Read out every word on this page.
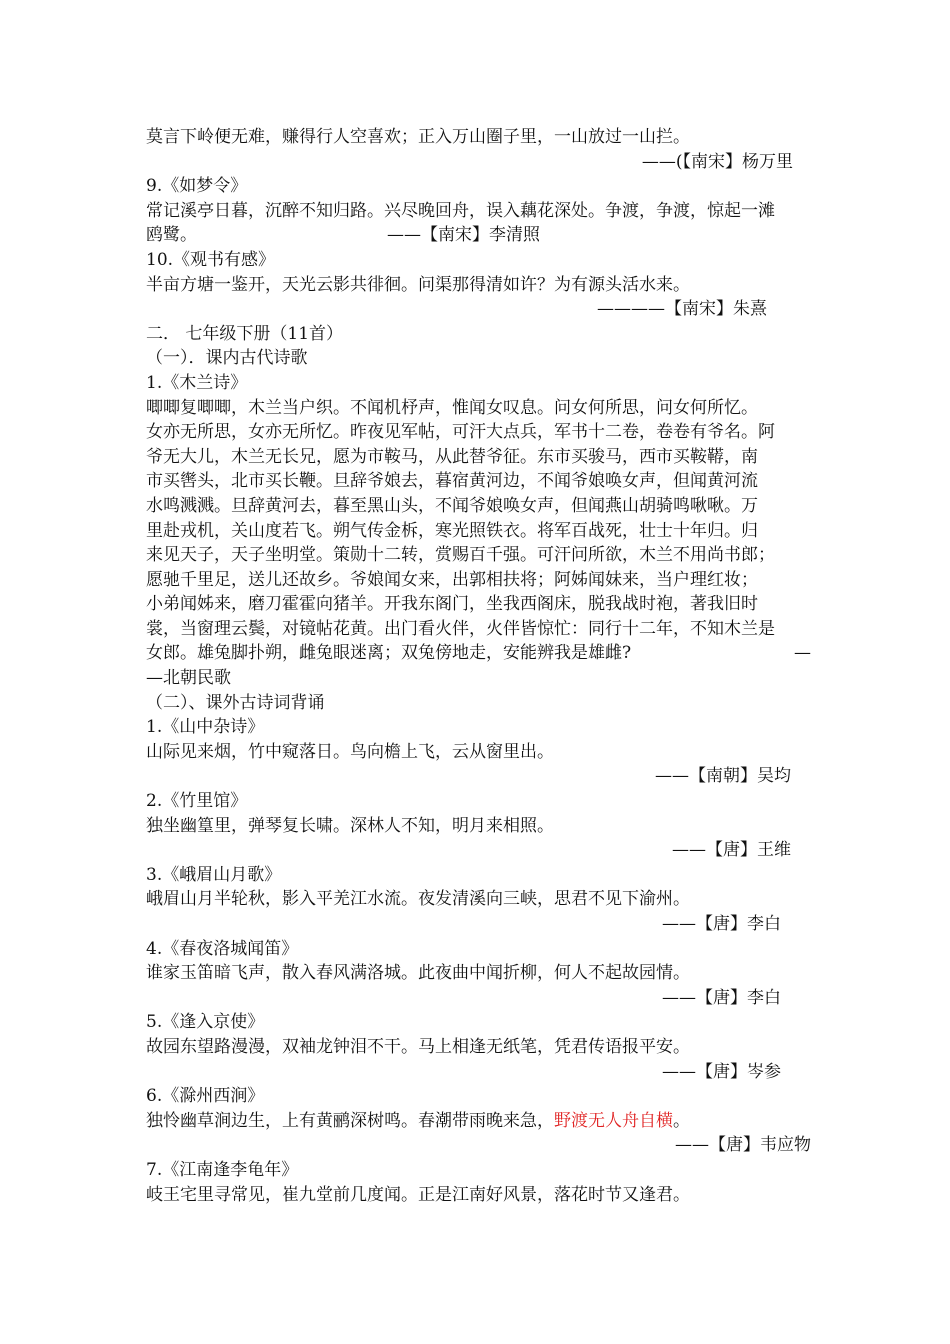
莫言下岭便无难，赚得行人空喜欢；正入万山圈子里，一山放过一山拦。
——(【南宋】杨万里
9.《如梦令》
常记溪亭日暮，沉醉不知归路。兴尽晚回舟，误入藕花深处。争渡，争渡，惊起一滩
鸥鹭。	——【南宋】李清照
10.《观书有感》
半亩方塘一鉴开，天光云影共徘徊。问渠那得清如许？为有源头活水来。
————【南宋】朱熹
二． 七年级下册（11首）
（一）．课内古代诗歌
1.《木兰诗》
唧唧复唧唧，木兰当户织。不闻机杼声，惟闻女叹息。问女何所思，问女何所忆。
女亦无所思，女亦无所忆。昨夜见军帖，可汗大点兵，军书十二卷，卷卷有爷名。阿
爷无大儿，木兰无长兄，愿为市鞍马，从此替爷征。东市买骏马，西市买鞍鞯，南
市买辔头，北市买长鞭。旦辞爷娘去，暮宿黄河边，不闻爷娘唤女声，但闻黄河流
水鸣溅溅。旦辞黄河去，暮至黑山头，不闻爷娘唤女声，但闻燕山胡骑鸣啾啾。万
里赴戎机，关山度若飞。朔气传金柝，寒光照铁衣。将军百战死，壮士十年归。归
来见天子，天子坐明堂。策勋十二转，赏赐百千强。可汗问所欲，木兰不用尚书郎；
愿驰千里足，送儿还故乡。爷娘闻女来，出郭相扶将；阿姊闻妹来，当户理红妆；
小弟闻姊来，磨刀霍霍向猪羊。开我东阁门，坐我西阁床，脱我战时袍，著我旧时
裳，当窗理云鬓，对镜帖花黄。出门看火伴，火伴皆惊忙：同行十二年，不知木兰是
女郎。雄兔脚扑朔，雌兔眼迷离；双兔傍地走，安能辨我是雄雌?	—
—北朝民歌
（二）、课外古诗词背诵
1.《山中杂诗》
山际见来烟，竹中窥落日。鸟向檐上飞，云从窗里出。
——【南朝】吴均
2.《竹里馆》
独坐幽篁里，弹琴复长啸。深林人不知，明月来相照。
——【唐】王维
3.《峨眉山月歌》
峨眉山月半轮秋，影入平羌江水流。夜发清溪向三峡，思君不见下渝州。
——【唐】李白
4.《春夜洛城闻笛》
谁家玉笛暗飞声，散入春风满洛城。此夜曲中闻折柳，何人不起故园情。
——【唐】李白
5.《逢入京使》
故园东望路漫漫，双袖龙钟泪不干。马上相逢无纸笔，凭君传语报平安。
——【唐】岑参
6.《滁州西涧》
独怜幽草涧边生，上有黄鹂深树鸣。春潮带雨晚来急，野渡无人舟自横。
——【唐】韦应物
7.《江南逢李龟年》
岐王宅里寻常见，崔九堂前几度闻。正是江南好风景，落花时节又逢君。
